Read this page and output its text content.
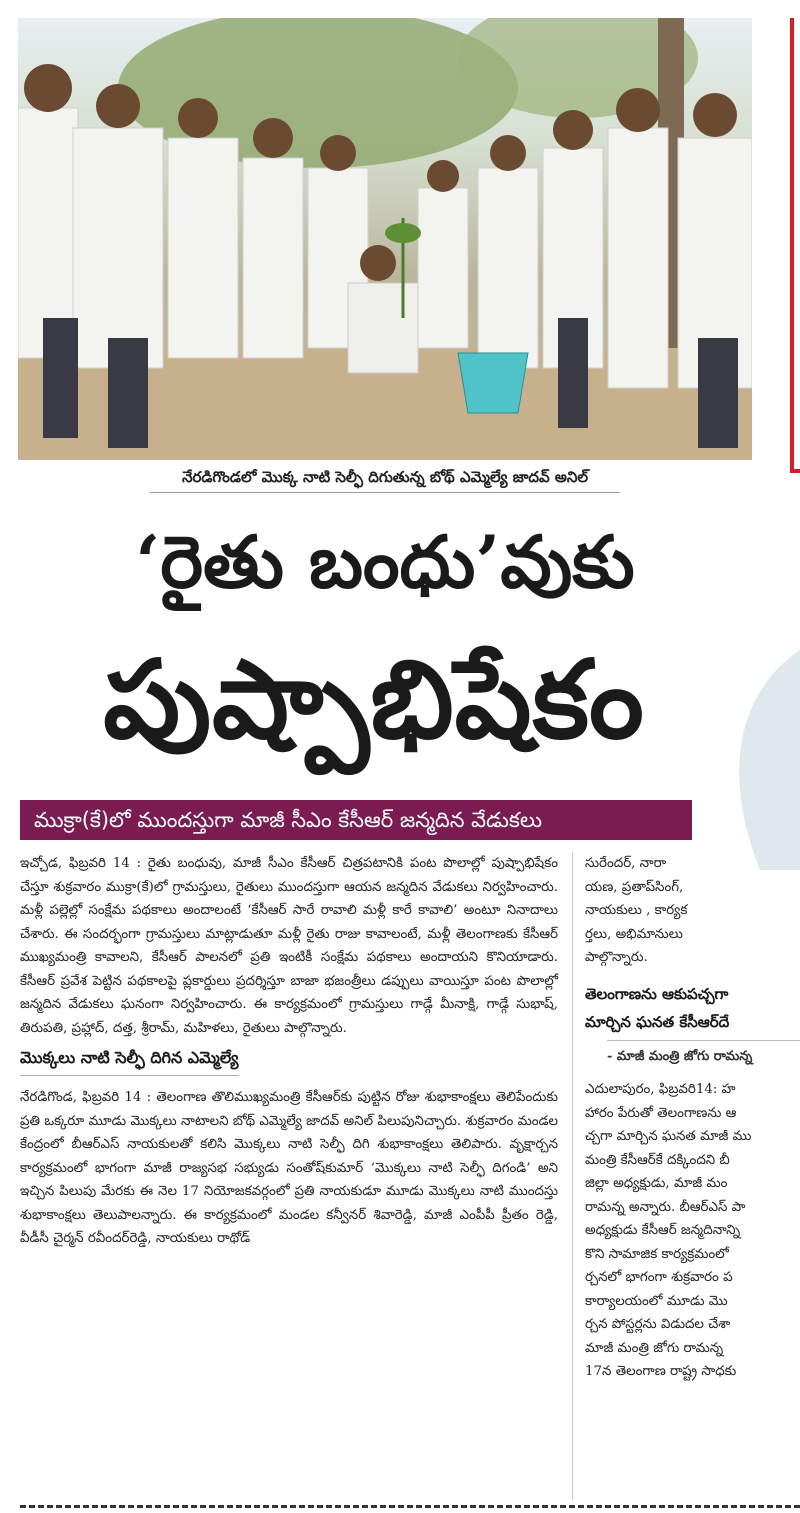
నేరడిగొండలో మొక్క నాటి సెల్ఫీ దిగుతున్న బోథ్‌ ఎమ్మెల్యే జాదవ్‌ అనిల్‌
‘రైతు బంధు’వుకు
పుష్పాభిషేకం
ముక్రా(కే)లో ముందస్తుగా మాజీ సీఎం కేసీఆర్‌ జన్మదిన వేడుకలు
ఇచ్చోడ, ఫిబ్రవరి 14 : రైతు బంధువు, మాజీ సీఎం కేసీఆర్‌ చిత్రపటానికి పంట పొలాల్లో పుష్పాభిషేకం చేస్తూ శుక్రవారం ముక్రా(కే)లో గ్రామస్తులు, రైతులు ముందస్తుగా ఆయన జన్మదిన వేడుకలు నిర్వహించారు. మళ్లీ పల్లెల్లో సంక్షేమ పథకాలు అందాలంటే ‘కేసీఆర్‌ సారే రావాలి మళ్లీ కారే కావాలి’ అంటూ నినాదాలు చేశారు. ఈ సందర్భంగా గ్రామస్తులు మాట్లాడుతూ మళ్లీ రైతు రాజు కావాలంటే, మళ్లీ తెలంగాణకు కేసీఆర్‌ ముఖ్యమంత్రి కావాలని, కేసీఆర్‌ పాలనలో ప్రతి ఇంటికీ సంక్షేమ పథకాలు అందాయని కొనియాడారు. కేసీఆర్‌ ప్రవేశ పెట్టిన పథకాలపై ప్లకార్డులు ప్రదర్శిస్తూ బాజా భజంత్రీలు డప్పులు వాయిస్తూ పంట పొలాల్లో జన్మదిన వేడుకలు ఘనంగా నిర్వహించారు. ఈ కార్యక్రమంలో గ్రామస్తులు గాడ్గే మీనాక్షి, గాడ్గే సుభాష్‌, తిరుపతి, ప్రహ్లాద్‌, దత్త, శ్రీరామ్‌, మహిళలు, రైతులు పాల్గొన్నారు.
మొక్కలు నాటి సెల్ఫీ దిగిన ఎమ్మెల్యే
నేరడిగొండ, ఫిబ్రవరి 14 : తెలంగాణ తొలిముఖ్యమంత్రి కేసీఆర్‌కు పుట్టిన రోజు శుభాకాంక్షలు తెలిపేందుకు ప్రతి ఒక్కరూ మూడు మొక్కలు నాటాలని బోథ్‌ ఎమ్మెల్యే జాదవ్‌ అనిల్‌ పిలుపునిచ్చారు. శుక్రవారం మండల కేంద్రంలో బీఆర్‌ఎస్‌ నాయకులతో కలిసి మొక్కలు నాటి సెల్ఫీ దిగి శుభాకాంక్షలు తెలిపారు. వృక్షార్చన కార్యక్రమంలో భాగంగా మాజీ రాజ్యసభ సభ్యుడు సంతోష్‌కుమార్‌ ‘మొక్కలు నాటి సెల్ఫీ దిగండి’ అని ఇచ్చిన పిలుపు మేరకు ఈ నెల 17 నియోజకవర్గంలో ప్రతి నాయకుడూ మూడు మొక్కలు నాటి ముందస్తు శుభాకాంక్షలు తెలుపాలన్నారు. ఈ కార్యక్రమంలో మండల కన్వీనర్‌ శివారెడ్డి, మాజీ ఎంపీపీ ప్రీతం రెడ్డి, వీడీసీ చైర్మన్‌ రవీందర్‌రెడ్డి, నాయకులు రాథోడ్‌
సురేందర్‌, నారా
యణ, ప్రతాప్‌సింగ్‌,
నాయకులు , కార్యక
ర్తలు, అభిమానులు
పాల్గొన్నారు.
తెలంగాణను ఆకుపచ్చగా
మార్చిన ఘనత కేసీఆర్‌దే
- మాజీ మంత్రి జోగు రామన్న
ఎదులాపురం, ఫిబ్రవరి14: హ
హారం పేరుతో తెలంగాణను ఆ
చ్చగా మార్చిన ఘనత మాజీ ము
మంత్రి కేసీఆర్‌కే దక్కిందని బీ
జిల్లా అధ్యక్షుడు, మాజీ మం
రామన్న అన్నారు. బీఆర్‌ఎస్‌ పా
అధ్యక్షుడు కేసీఆర్‌ జన్మదినాన్ని
కొని సామాజిక కార్యక్రమంలో
ర్చనలో భాగంగా శుక్రవారం ప
కార్యాలయంలో మూడు మొ
ర్చన పోస్టర్లను విడుదల చేశా
మాజీ మంత్రి జోగు రామన్న
17న తెలంగాణ రాష్ట్ర సాధకు
